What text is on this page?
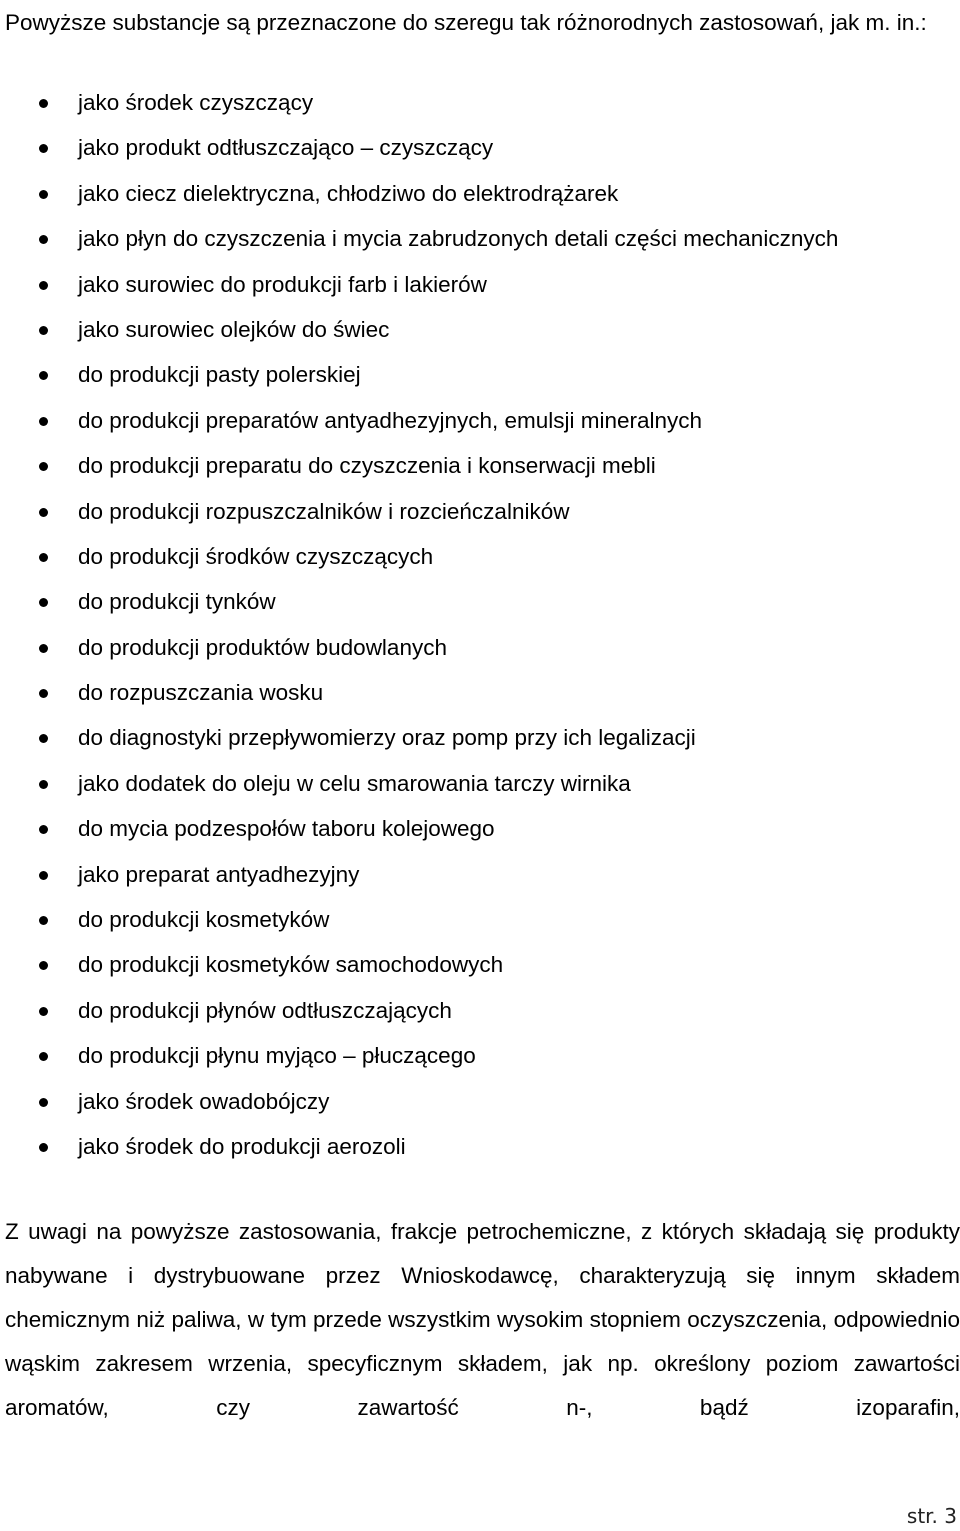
Powyższe substancje są przeznaczone do szeregu tak różnorodnych zastosowań, jak m. in.:

jako środek czyszczący
jako produkt odtłuszczająco – czyszczący
jako ciecz dielektryczna, chłodziwo do elektrodrążarek
jako płyn do czyszczenia i mycia zabrudzonych detali części mechanicznych
jako surowiec do produkcji farb i lakierów
jako surowiec olejków do świec
do produkcji pasty polerskiej
do produkcji preparatów antyadhezyjnych, emulsji mineralnych
do produkcji preparatu do czyszczenia i konserwacji mebli
do produkcji rozpuszczalników i rozcieńczalników
do produkcji środków czyszczących
do produkcji tynków
do produkcji produktów budowlanych
do rozpuszczania wosku
do diagnostyki przepływomierzy oraz pomp przy ich legalizacji
jako dodatek do oleju w celu smarowania tarczy wirnika
do mycia podzespołów taboru kolejowego
jako preparat antyadhezyjny
do produkcji kosmetyków
do produkcji kosmetyków samochodowych
do produkcji płynów odtłuszczających
do produkcji płynu myjąco – płuczącego
jako środek owadobójczy
jako środek do produkcji aerozoli

Z uwagi na powyższe zastosowania, frakcje petrochemiczne, z których składają się produkty nabywane i dystrybuowane przez Wnioskodawcę, charakteryzują się innym składem chemicznym niż paliwa, w tym przede wszystkim wysokim stopniem oczyszczenia, odpowiednio wąskim zakresem wrzenia, specyficznym składem, jak np. określony poziom zawartości aromatów, czy zawartość n-, bądź izoparafin,

str. 3
